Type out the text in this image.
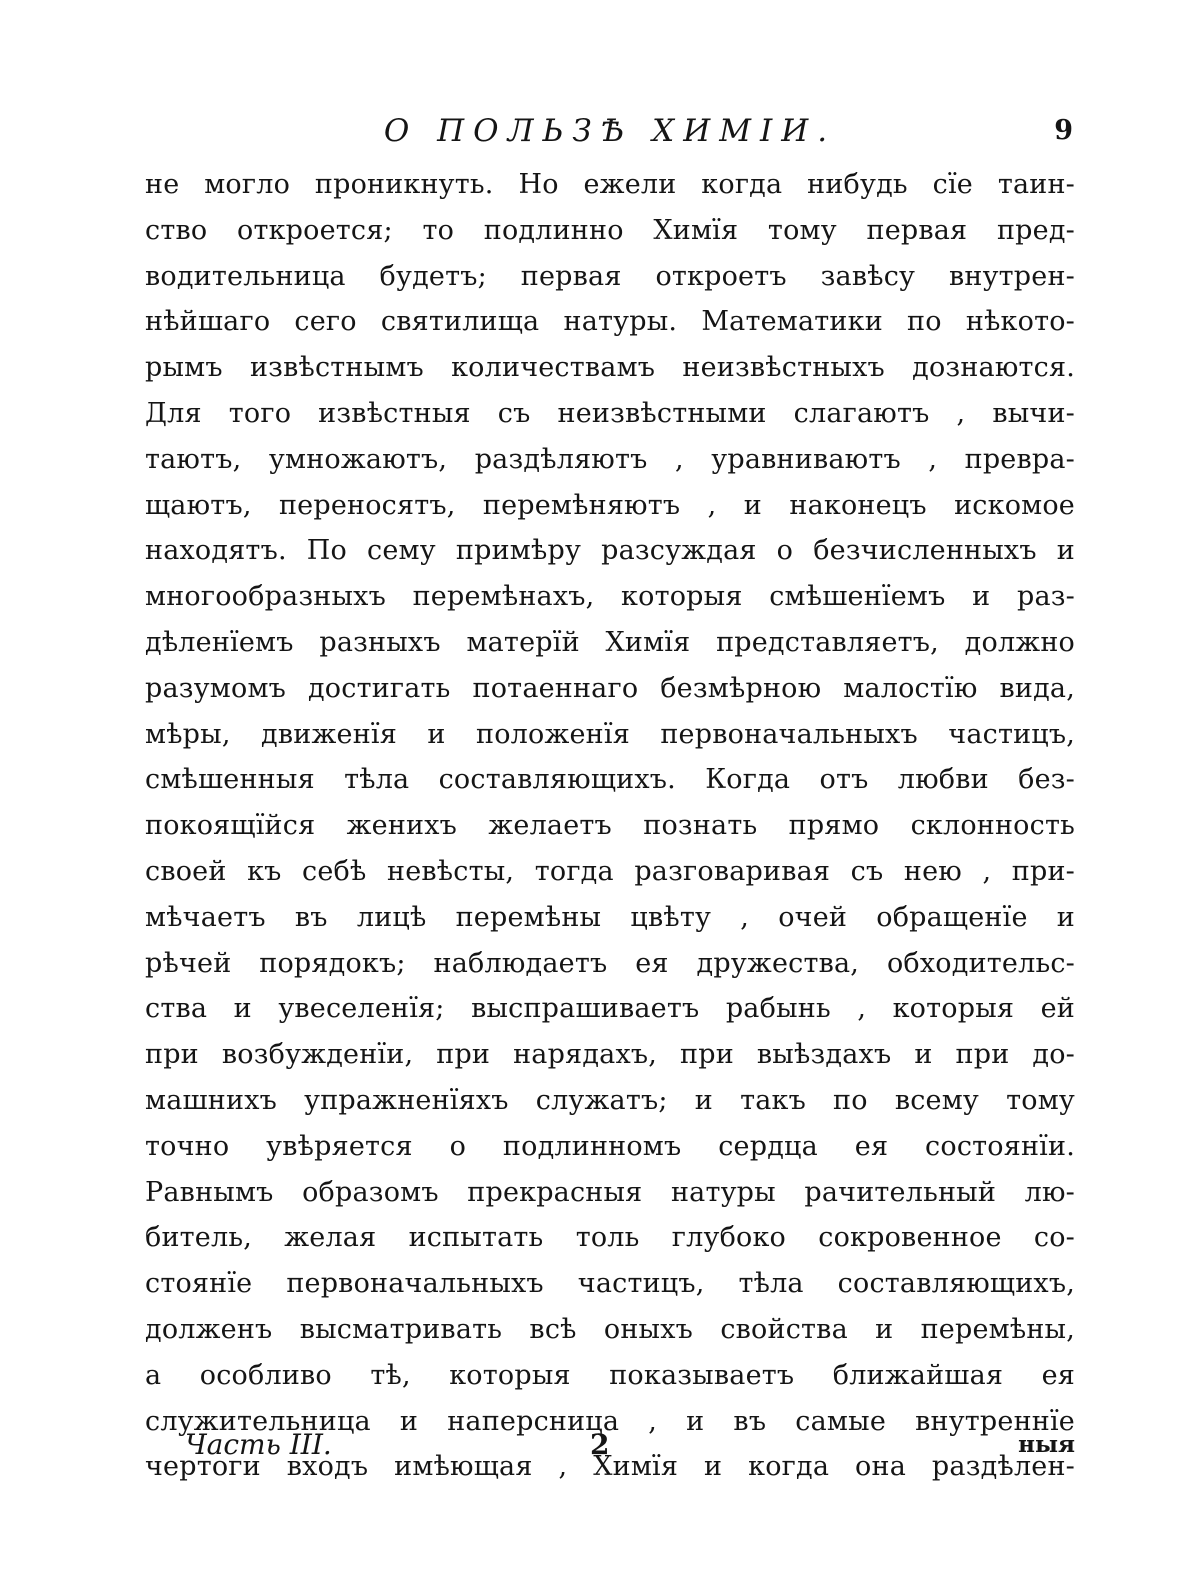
О ПОЛЬЗѢ ХИМІИ.	9
не могло проникнуть. Но ежели когда нибудь сїе таин-
ство откроется; то подлинно Химїя тому первая пред-
водительница будетъ; первая откроетъ завѣсу внутрен-
нѣйшаго сего святилища натуры. Математики по нѣкото-
рымъ извѣстнымъ количествамъ неизвѣстныхъ дознаются.
Для того извѣстныя съ неизвѣстными слагаютъ , вычи-
таютъ, умножаютъ, раздѣляютъ , уравниваютъ , превра-
щаютъ, переносятъ, перемѣняютъ , и наконецъ искомое
находятъ. По сему примѣру разсуждая о безчисленныхъ и
многообразныхъ перемѣнахъ, которыя смѣшенїемъ и раз-
дѣленїемъ разныхъ матерїй Химїя представляетъ, должно
разумомъ достигать потаеннаго безмѣрною малостїю вида,
мѣры, движенїя и положенїя первоначальныхъ частицъ,
смѣшенныя тѣла составляющихъ. Когда отъ любви без-
покоящїйся женихъ желаетъ познать прямо склонность
своей къ себѣ невѣсты, тогда разговаривая съ нею , при-
мѣчаетъ въ лицѣ перемѣны цвѣту , очей обращенїе и
рѣчей порядокъ; наблюдаетъ ея дружества, обходительс-
ства и увеселенїя; выспрашиваетъ рабынь , которыя ей
при возбужденїи, при нарядахъ, при выѣздахъ и при до-
машнихъ упражненїяхъ служатъ; и такъ по всему тому
точно увѣряется о подлинномъ сердца ея состоянїи.
Равнымъ образомъ прекрасныя натуры рачительный лю-
битель, желая испытать толь глубоко сокровенное со-
стоянїе первоначальныхъ частицъ, тѣла составляющихъ,
долженъ высматривать всѣ оныхъ свойства и перемѣны,
а особливо тѣ, которыя показываетъ ближайшая ея
служительница и наперсница , и въ самые внутреннїе
чертоги входъ имѣющая , Химїя и когда она раздѣлен-
Часть III.	2	ныя
